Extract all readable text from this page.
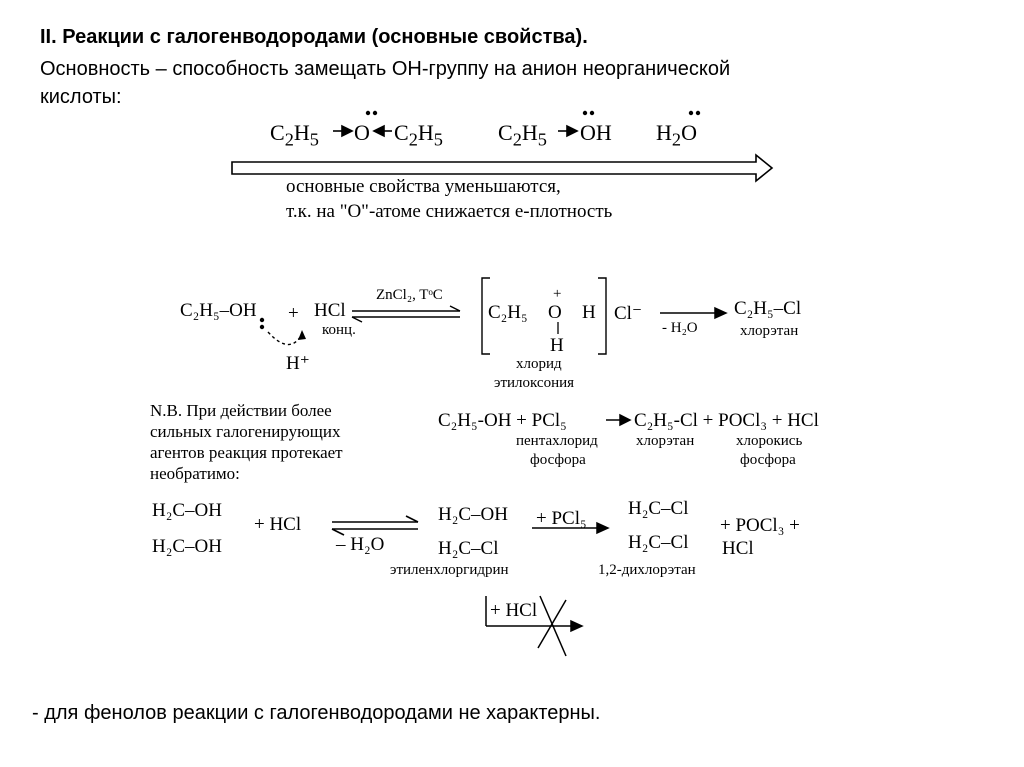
II. Реакции с галогенводородами (основные свойства).
Основность – способность замещать ОН-группу на анион неорганической
кислоты:
$C_2H_5$ O $C_2H_5$	$C_2H_5$ OH $H_2O$
основные свойства уменьшаются,
т.к. на "О"-атоме снижается е-плотность
C₂H₅–OH + HCl
конц.
ZnCl₂, TᵒC
H⁺
C₂H₅ O H
H
+
Cl⁻
- H₂O
C₂H₅–Cl
хлорэтан
хлорид
этилоксония
N.B. При действии более
сильных галогенирующих
агентов реакция протекает
необратимо:
C₂H₅-OH + PCl₅	C₂H₅-Cl + POCl₃ + HCl
пентахлорид
фосфора
хлорэтан	хлорокись
фосфора
H₂C–OH
H₂C–OH
+ HCl
– H₂O
H₂C–OH
H₂C–Cl
+ PCl₅ H₂C–Cl
H₂C–Cl
+ POCl₃ +
HCl
этиленхлоргидрин	1,2-дихлорэтан
+ HCl
- для фенолов реакции с галогенводородами не характерны.
